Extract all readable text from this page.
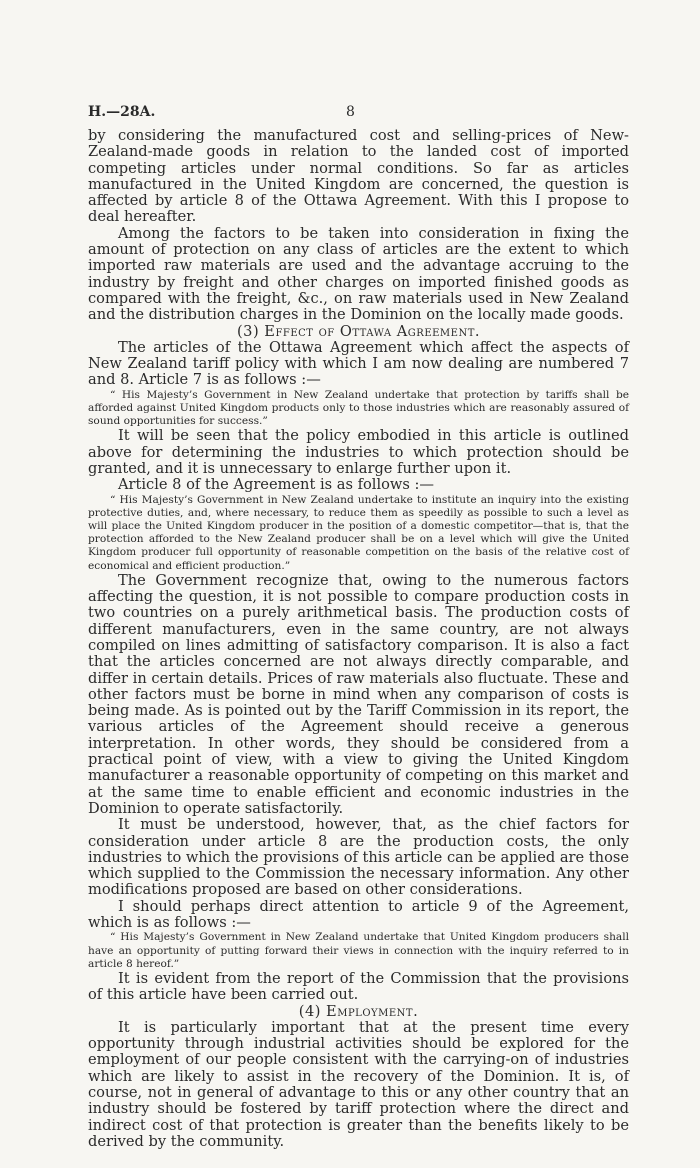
H.—28A.	8

by considering the manufactured cost and selling-prices of New-Zealand-made goods in relation to the landed cost of imported competing articles under normal conditions. So far as articles manufactured in the United Kingdom are concerned, the question is affected by article 8 of the Ottawa Agreement. With this I propose to deal hereafter.

Among the factors to be taken into consideration in fixing the amount of protection on any class of articles are the extent to which imported raw materials are used and the advantage accruing to the industry by freight and other charges on imported finished goods as compared with the freight, &c., on raw materials used in New Zealand and the distribution charges in the Dominion on the locally made goods.

(3) Effect of Ottawa Agreement.

The articles of the Ottawa Agreement which affect the aspects of New Zealand tariff policy with which I am now dealing are numbered 7 and 8. Article 7 is as follows :—

“ His Majesty’s Government in New Zealand undertake that protection by tariffs shall be afforded against United Kingdom products only to those industries which are reasonably assured of sound opportunities for success.”

It will be seen that the policy embodied in this article is outlined above for determining the industries to which protection should be granted, and it is unnecessary to enlarge further upon it.

Article 8 of the Agreement is as follows :—

“ His Majesty’s Government in New Zealand undertake to institute an inquiry into the existing protective duties, and, where necessary, to reduce them as speedily as possible to such a level as will place the United Kingdom producer in the position of a domestic competitor—that is, that the protection afforded to the New Zealand producer shall be on a level which will give the United Kingdom producer full opportunity of reasonable competition on the basis of the relative cost of economical and efficient production.”

The Government recognize that, owing to the numerous factors affecting the question, it is not possible to compare production costs in two countries on a purely arithmetical basis. The production costs of different manufacturers, even in the same country, are not always compiled on lines admitting of satisfactory comparison. It is also a fact that the articles concerned are not always directly comparable, and differ in certain details. Prices of raw materials also fluctuate. These and other factors must be borne in mind when any comparison of costs is being made. As is pointed out by the Tariff Commission in its report, the various articles of the Agreement should receive a generous interpretation. In other words, they should be considered from a practical point of view, with a view to giving the United Kingdom manufacturer a reasonable opportunity of competing on this market and at the same time to enable efficient and economic industries in the Dominion to operate satisfactorily.

It must be understood, however, that, as the chief factors for consideration under article 8 are the production costs, the only industries to which the provisions of this article can be applied are those which supplied to the Commission the necessary information. Any other modifications proposed are based on other considerations.

I should perhaps direct attention to article 9 of the Agreement, which is as follows :—

“ His Majesty’s Government in New Zealand undertake that United Kingdom producers shall have an opportunity of putting forward their views in connection with the inquiry referred to in article 8 hereof.”

It is evident from the report of the Commission that the provisions of this article have been carried out.

(4) Employment.

It is particularly important that at the present time every opportunity through industrial activities should be explored for the employment of our people consistent with the carrying-on of industries which are likely to assist in the recovery of the Dominion. It is, of course, not in general of advantage to this or any other country that an industry should be fostered by tariff protection where the direct and indirect cost of that protection is greater than the benefits likely to be derived by the community.
